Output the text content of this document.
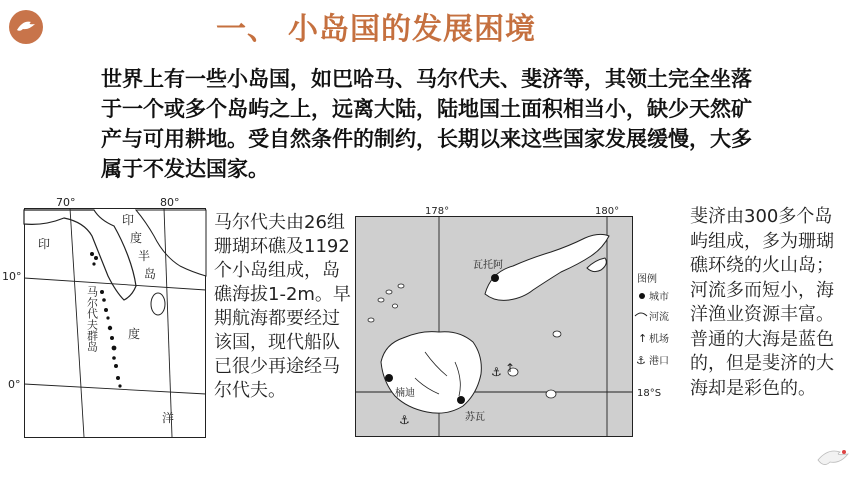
一、 小岛国的发展困境
世界上有一些小岛国，如巴哈马、马尔代夫、斐济等，其领土完全坐落于一个或多个岛屿之上，远离大陆，陆地国土面积相当小，缺少天然矿产与可用耕地。受自然条件的制约，长期以来这些国家发展缓慢，大多属于不发达国家。
70°	80°
10°
0°
印
印
度
半
岛
度
洋
马尔代夫群岛
马尔代夫由26组珊瑚环礁及1192个小岛组成，岛礁海拔1-2m。早期航海都要经过该国，现代船队已很少再途经马尔代夫。
瓦托阿
楠迪
苏瓦
⚓
⚓ ↑
178°	180°
18°S
图例
城市
河流
↑ 机场
⚓ 港口
斐济由300多个岛屿组成，多为珊瑚礁环绕的火山岛；河流多而短小，海洋渔业资源丰富。普通的大海是蓝色的，但是斐济的大海却是彩色的。
